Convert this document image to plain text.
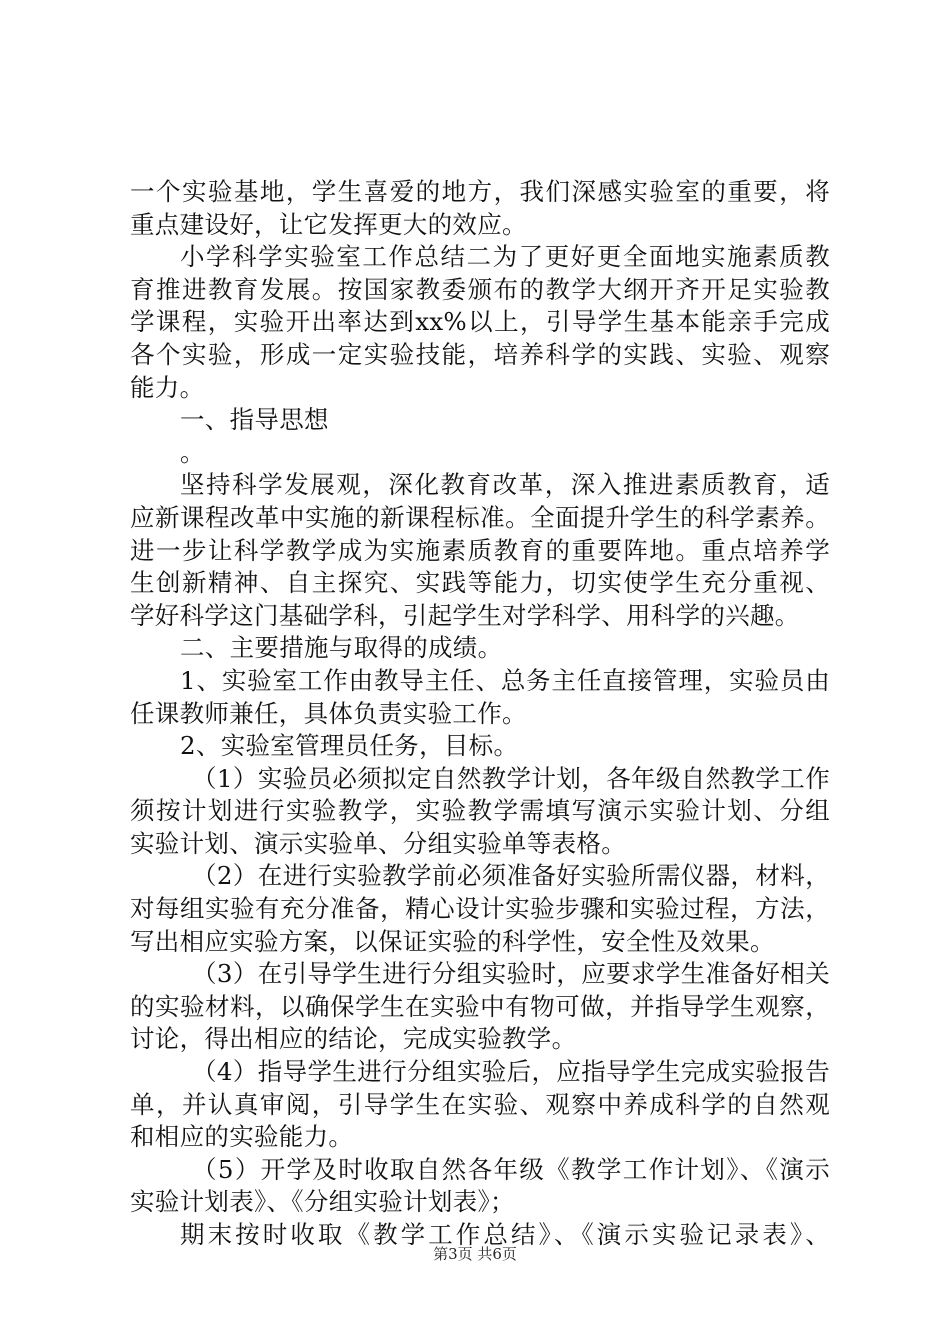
一个实验基地，学生喜爱的地方，我们深感实验室的重要，将
重点建设好，让它发挥更大的效应。
小学科学实验室工作总结二为了更好更全面地实施素质教
育推进教育发展。按国家教委颁布的教学大纲开齐开足实验教
学课程，实验开出率达到xx%以上，引导学生基本能亲手完成
各个实验，形成一定实验技能，培养科学的实践、实验、观察
能力。
一、指导思想
。
坚持科学发展观，深化教育改革，深入推进素质教育，适
应新课程改革中实施的新课程标准。全面提升学生的科学素养。
进一步让科学教学成为实施素质教育的重要阵地。重点培养学
生创新精神、自主探究、实践等能力，切实使学生充分重视、
学好科学这门基础学科，引起学生对学科学、用科学的兴趣。
二、主要措施与取得的成绩。
1、实验室工作由教导主任、总务主任直接管理，实验员由
任课教师兼任，具体负责实验工作。
2、实验室管理员任务，目标。
（1）实验员必须拟定自然教学计划，各年级自然教学工作
须按计划进行实验教学，实验教学需填写演示实验计划、分组
实验计划、演示实验单、分组实验单等表格。
（2）在进行实验教学前必须准备好实验所需仪器，材料，
对每组实验有充分准备，精心设计实验步骤和实验过程，方法，
写出相应实验方案，以保证实验的科学性，安全性及效果。
（3）在引导学生进行分组实验时，应要求学生准备好相关
的实验材料，以确保学生在实验中有物可做，并指导学生观察，
讨论，得出相应的结论，完成实验教学。
（4）指导学生进行分组实验后，应指导学生完成实验报告
单，并认真审阅，引导学生在实验、观察中养成科学的自然观
和相应的实验能力。
（5）开学及时收取自然各年级《教学工作计划》、《演示
实验计划表》、《分组实验计划表》；
期末按时收取《教学工作总结》、《演示实验记录表》、
第3页 共6页
